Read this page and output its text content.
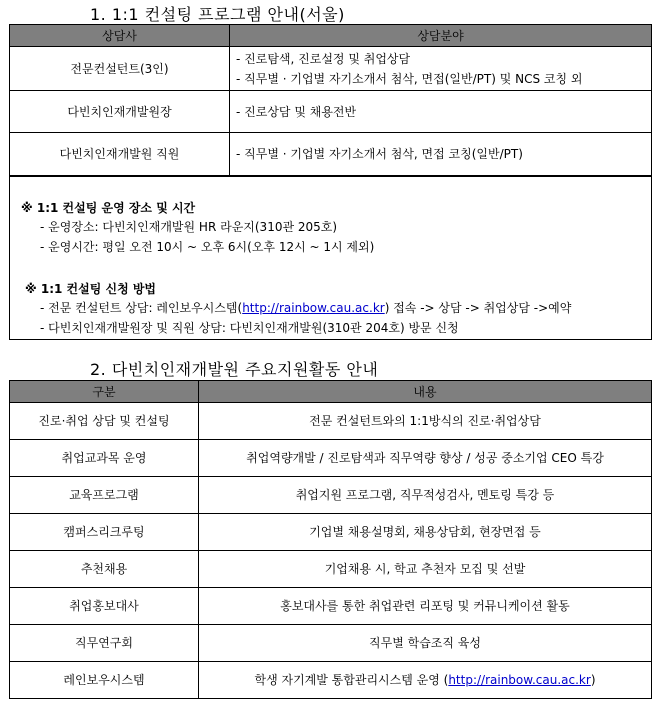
1. 1:1 컨설팅 프로그램 안내(서울)
상담사	상담분야
전문컨설턴트(3인)	- 진로탐색, 진로설정 및 취업상담
- 직무별 · 기업별 자기소개서 첨삭, 면접(일반/PT) 및 NCS 코칭 외

다빈치인재개발원장	- 진로상담 및 채용전반

다빈치인재개발원 직원	- 직무별 · 기업별 자기소개서 첨삭, 면접 코칭(일반/PT)
※ 1:1 컨설팅 운영 장소 및 시간
- 운영장소: 다빈치인재개발원 HR 라운지(310관 205호)
- 운영시간: 평일 오전 10시 ~ 오후 6시(오후 12시 ~ 1시 제외)
※ 1:1 컨설팅 신청 방법
- 전문 컨설턴트 상담: 레인보우시스템(http://rainbow.cau.ac.kr) 접속 -> 상담 -> 취업상담 ->예약
- 다빈치인재개발원장 및 직원 상담: 다빈치인재개발원(310관 204호) 방문 신청
2. 다빈치인재개발원 주요지원활동 안내
구분	내용
진로·취업 상담 및 컨설팅	전문 컨설턴트와의 1:1방식의 진로·취업상담
취업교과목 운영	취업역량개발 / 진로탐색과 직무역량 향상 / 성공 중소기업 CEO 특강
교육프로그램	취업지원 프로그램, 직무적성검사, 멘토링 특강 등
캠퍼스리크루팅	기업별 채용설명회, 채용상담회, 현장면접 등
추천채용	기업채용 시, 학교 추천자 모집 및 선발
취업홍보대사	홍보대사를 통한 취업관련 리포팅 및 커뮤니케이션 활동
직무연구회	직무별 학습조직 육성
레인보우시스템	학생 자기계발 통합관리시스템 운영 (http://rainbow.cau.ac.kr)
